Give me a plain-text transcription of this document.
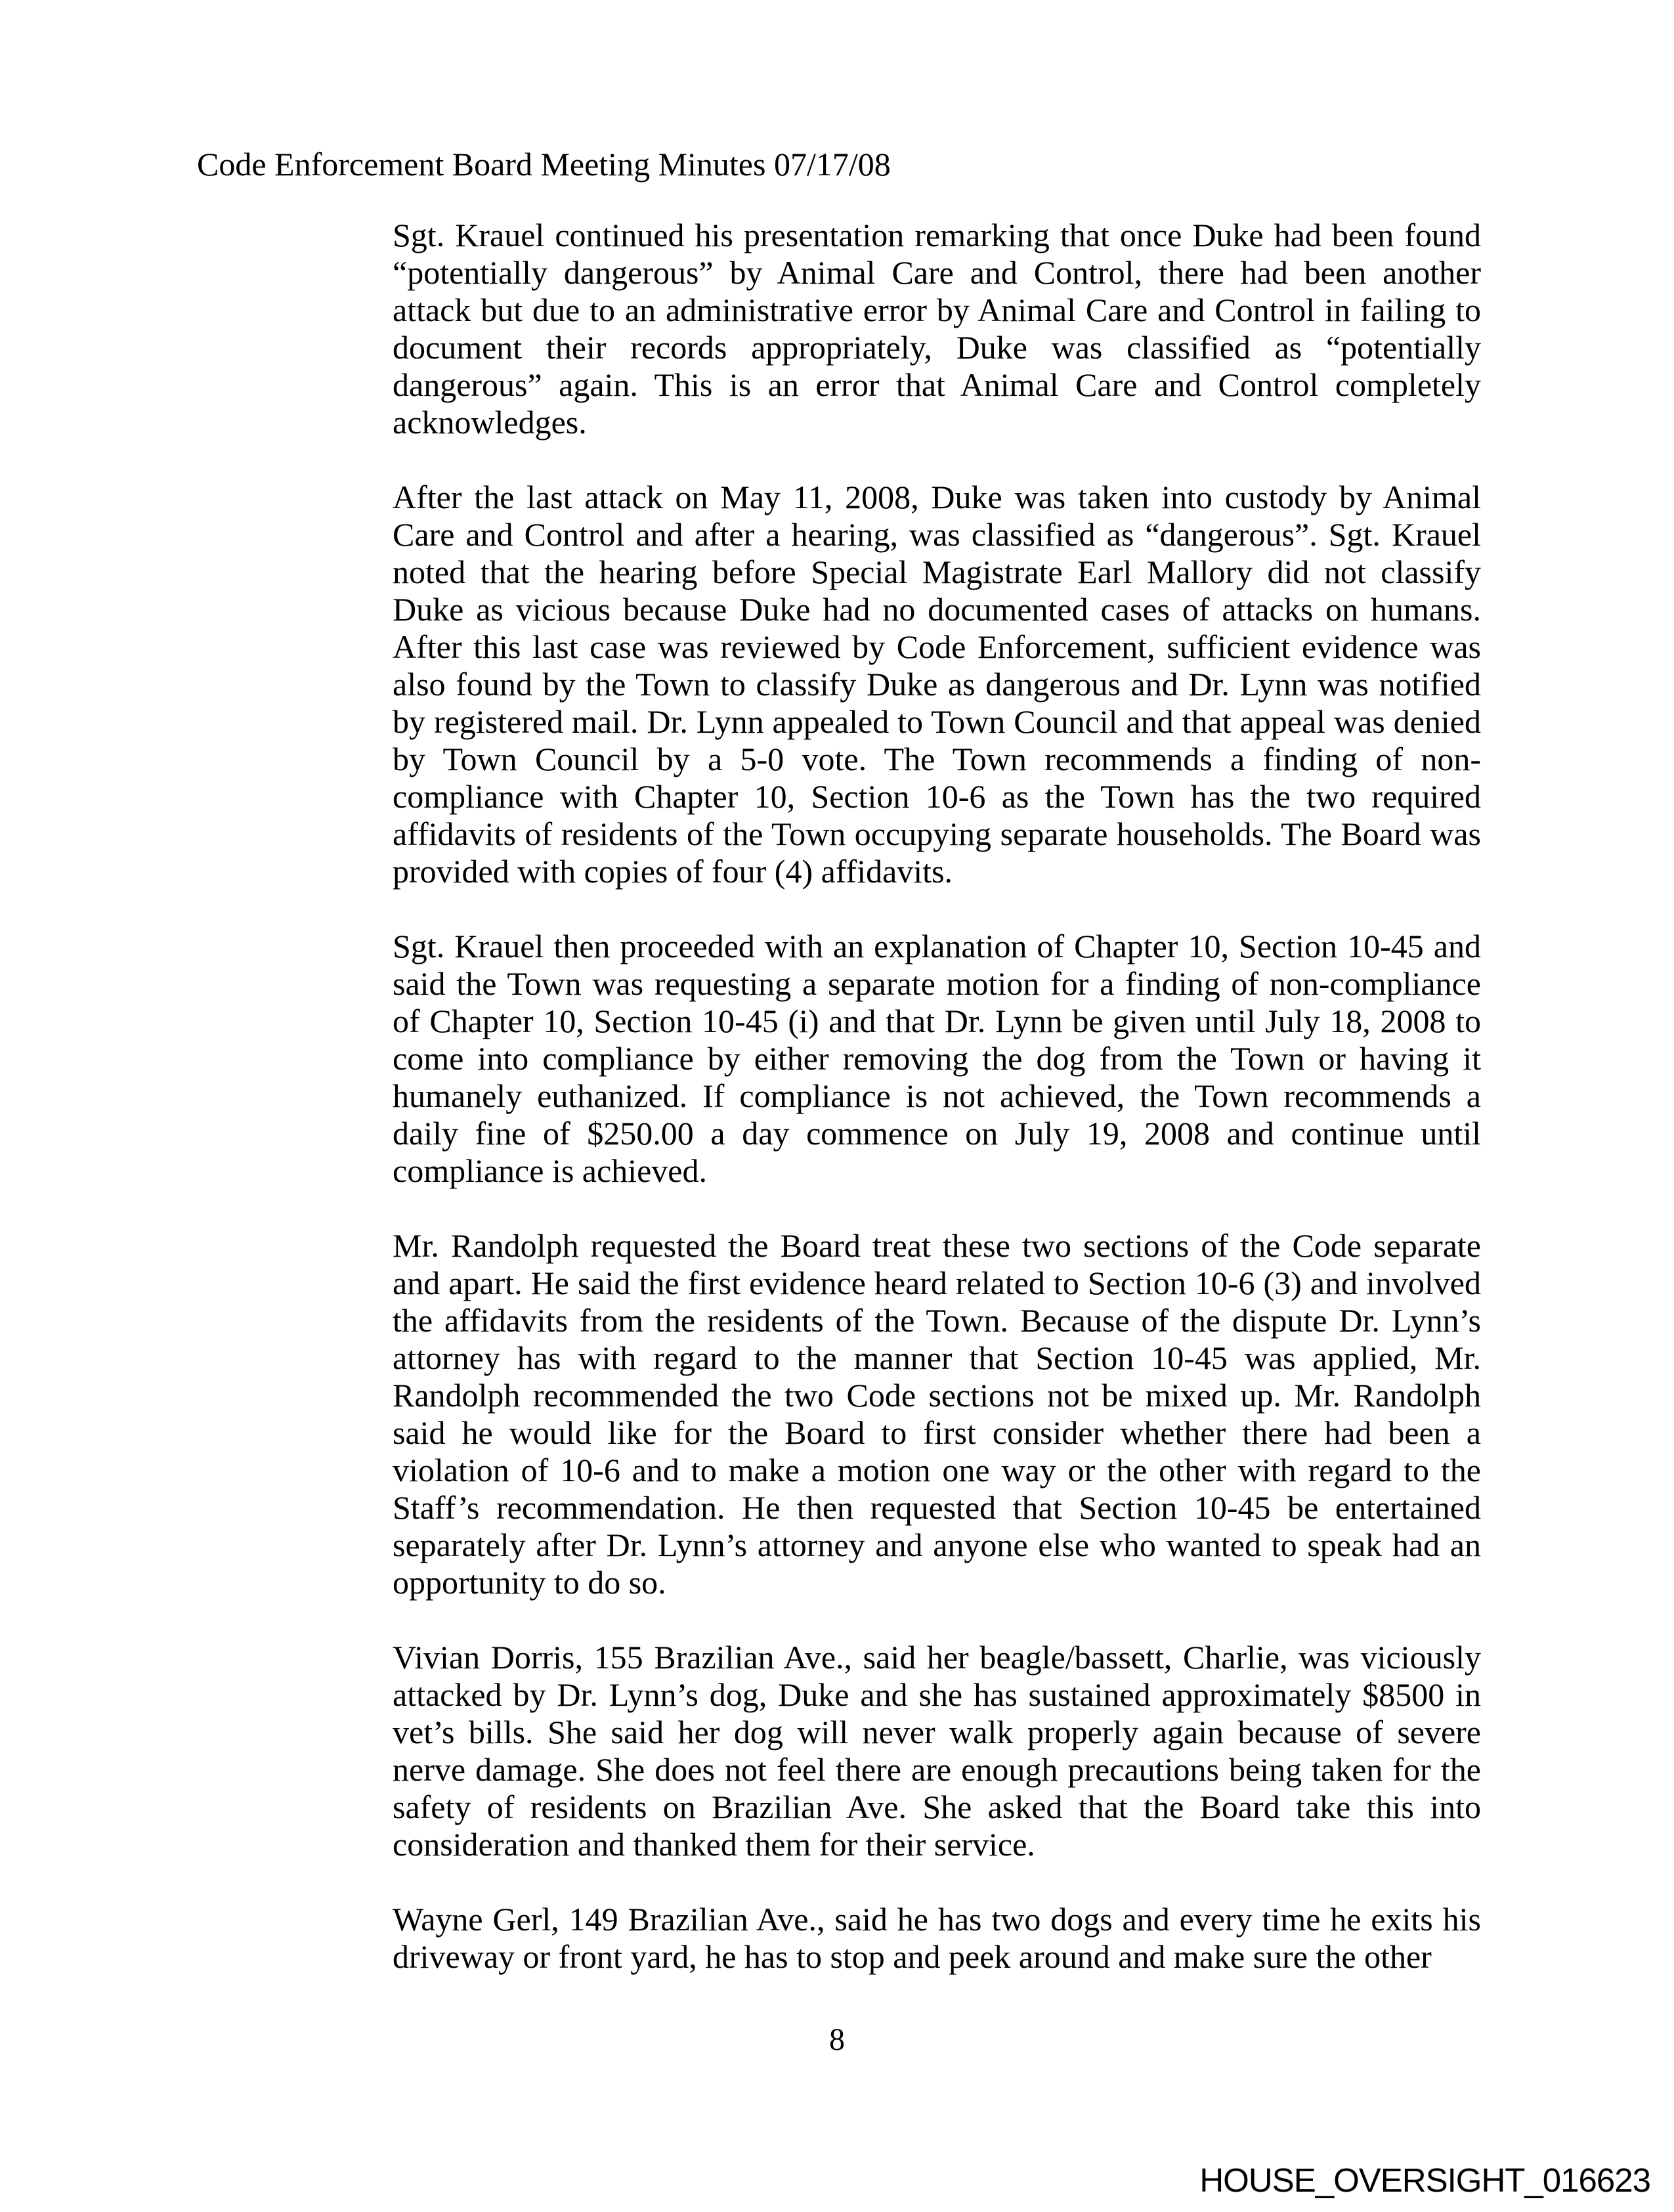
Code Enforcement Board Meeting Minutes 07/17/08

Sgt. Krauel continued his presentation remarking that once Duke had been found “potentially dangerous” by Animal Care and Control, there had been another attack but due to an administrative error by Animal Care and Control in failing to document their records appropriately, Duke was classified as “potentially dangerous” again. This is an error that Animal Care and Control completely acknowledges.

After the last attack on May 11, 2008, Duke was taken into custody by Animal Care and Control and after a hearing, was classified as “dangerous”. Sgt. Krauel noted that the hearing before Special Magistrate Earl Mallory did not classify Duke as vicious because Duke had no documented cases of attacks on humans. After this last case was reviewed by Code Enforcement, sufficient evidence was also found by the Town to classify Duke as dangerous and Dr. Lynn was notified by registered mail. Dr. Lynn appealed to Town Council and that appeal was denied by Town Council by a 5-0 vote. The Town recommends a finding of non-compliance with Chapter 10, Section 10-6 as the Town has the two required affidavits of residents of the Town occupying separate households. The Board was provided with copies of four (4) affidavits.

Sgt. Krauel then proceeded with an explanation of Chapter 10, Section 10-45 and said the Town was requesting a separate motion for a finding of non-compliance of Chapter 10, Section 10-45 (i) and that Dr. Lynn be given until July 18, 2008 to come into compliance by either removing the dog from the Town or having it humanely euthanized. If compliance is not achieved, the Town recommends a daily fine of $250.00 a day commence on July 19, 2008 and continue until compliance is achieved.

Mr. Randolph requested the Board treat these two sections of the Code separate and apart. He said the first evidence heard related to Section 10-6 (3) and involved the affidavits from the residents of the Town. Because of the dispute Dr. Lynn’s attorney has with regard to the manner that Section 10-45 was applied, Mr. Randolph recommended the two Code sections not be mixed up. Mr. Randolph said he would like for the Board to first consider whether there had been a violation of 10-6 and to make a motion one way or the other with regard to the Staff’s recommendation. He then requested that Section 10-45 be entertained separately after Dr. Lynn’s attorney and anyone else who wanted to speak had an opportunity to do so.

Vivian Dorris, 155 Brazilian Ave., said her beagle/bassett, Charlie, was viciously attacked by Dr. Lynn’s dog, Duke and she has sustained approximately $8500 in vet’s bills. She said her dog will never walk properly again because of severe nerve damage. She does not feel there are enough precautions being taken for the safety of residents on Brazilian Ave. She asked that the Board take this into consideration and thanked them for their service.

Wayne Gerl, 149 Brazilian Ave., said he has two dogs and every time he exits his driveway or front yard, he has to stop and peek around and make sure the other

8
HOUSE_OVERSIGHT_016623
